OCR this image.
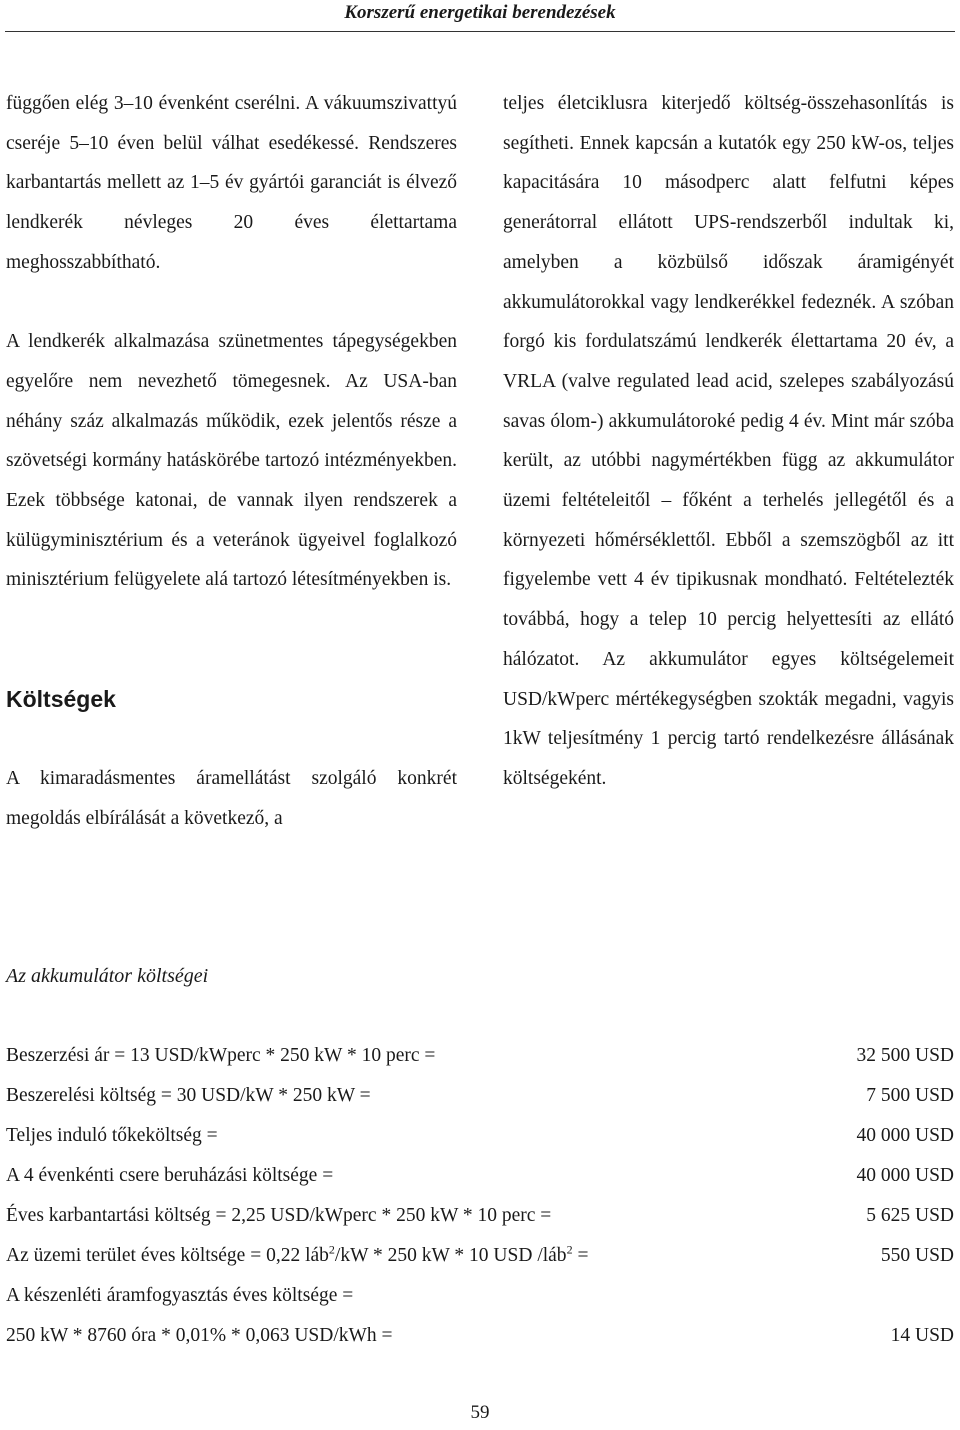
Korszerű energetikai berendezések

függően elég 3–10 évenként cserélni. A vákuumszivattyú cseréje 5–10 éven belül válhat esedékessé. Rendszeres karbantartás mellett az 1–5 év gyártói garanciát is élvező lendkerék névleges 20 éves élettartama meghosszabbítható.

A lendkerék alkalmazása szünetmentes tápegységekben egyelőre nem nevezhető tömegesnek. Az USA-ban néhány száz alkalmazás működik, ezek jelentős része a szövetségi kormány hatáskörébe tartozó intézményekben. Ezek többsége katonai, de vannak ilyen rendszerek a külügyminisztérium és a veteránok ügyeivel foglalkozó minisztérium felügyelete alá tartozó létesítményekben is.

Költségek

A kimaradásmentes áramellátást szolgáló konkrét megoldás elbírálását a következő, a

teljes életciklusra kiterjedő költség-összehasonlítás is segítheti. Ennek kapcsán a kutatók egy 250 kW-os, teljes kapacitására 10 másodperc alatt felfutni képes generátorral ellátott UPS-rendszerből indultak ki, amelyben a közbülső időszak áramigényét akkumulátorokkal vagy lendkerékkel fedeznék. A szóban forgó kis fordulatszámú lendkerék élettartama 20 év, a VRLA (valve regulated lead acid, szelepes szabályozású savas ólom-) akkumulátoroké pedig 4 év. Mint már szóba került, az utóbbi nagymértékben függ az akkumulátor üzemi feltételeitől – főként a terhelés jellegétől és a környezeti hőmérséklettől. Ebből a szemszögből az itt figyelembe vett 4 év tipikusnak mondható. Feltételezték továbbá, hogy a telep 10 percig helyettesíti az ellátó hálózatot. Az akkumulátor egyes költségelemeit USD/kWperc mértékegységben szokták megadni, vagyis 1kW teljesítmény 1 percig tartó rendelkezésre állásának költségeként.

Az akkumulátor költségei
Beszerzési ár = 13 USD/kWperc * 250 kW * 10 perc =	32 500 USD
Beszerelési költség = 30 USD/kW * 250 kW =	7 500 USD
Teljes induló tőkeköltség =	40 000 USD
A 4 évenkénti csere beruházási költsége =	40 000 USD
Éves karbantartási költség = 2,25 USD/kWperc * 250 kW * 10 perc =	5 625 USD
Az üzemi terület éves költsége = 0,22 láb$^2$/kW * 250 kW * 10 USD /láb$^2$ =	550 USD
A készenléti áramfogyasztás éves költsége =
250 kW * 8760 óra * 0,01% * 0,063 USD/kWh =	14 USD
59
